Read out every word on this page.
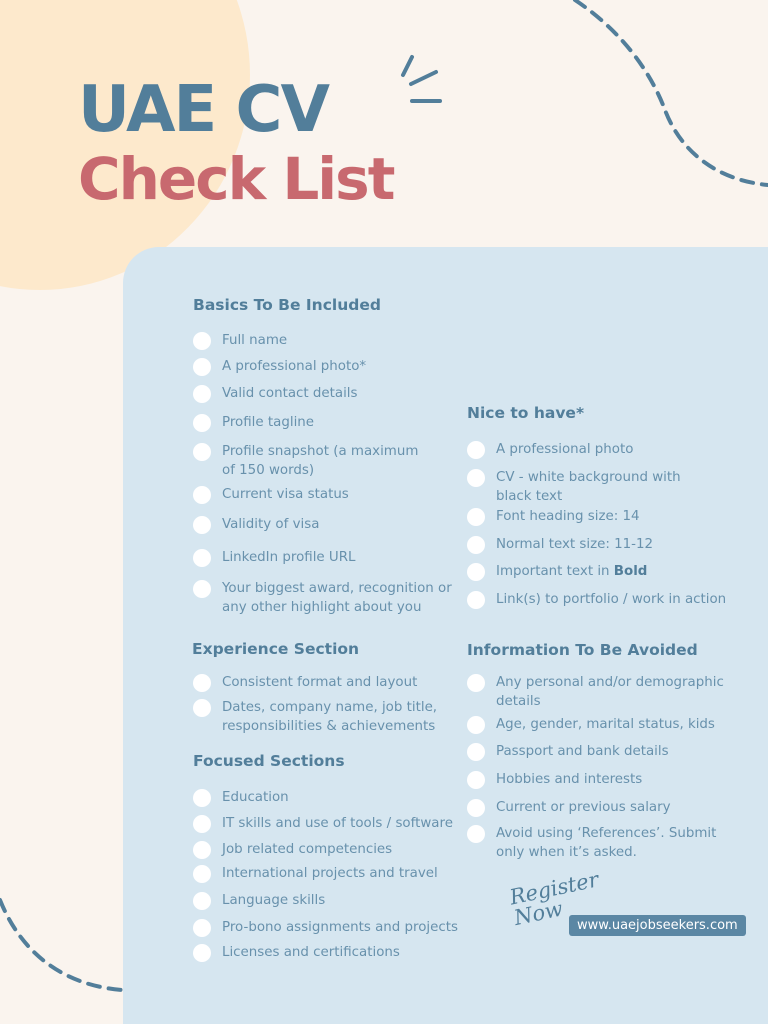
UAE CV
Check List
Basics To Be Included
Full name
A professional photo*
Valid contact details
Profile tagline
Profile snapshot (a maximum
of 150 words)
Current visa status
Validity of visa
LinkedIn profile URL
Your biggest award, recognition or
any other highlight about you
Experience Section
Consistent format and layout
Dates, company name, job title,
responsibilities & achievements
Focused Sections
Education
IT skills and use of tools / software
Job related competencies
International projects and travel
Language skills
Pro-bono assignments and projects
Licenses and certifications
Nice to have*
A professional photo
CV - white background with
black text
Font heading size: 14
Normal text size: 11-12
Important text in Bold
Link(s) to portfolio / work in action
Information To Be Avoided
Any personal and/or demographic
details
Age, gender, marital status, kids
Passport and bank details
Hobbies and interests
Current or previous salary
Avoid using ‘References’. Submit
only when it’s asked.
Register
Now www.uaejobseekers.com
